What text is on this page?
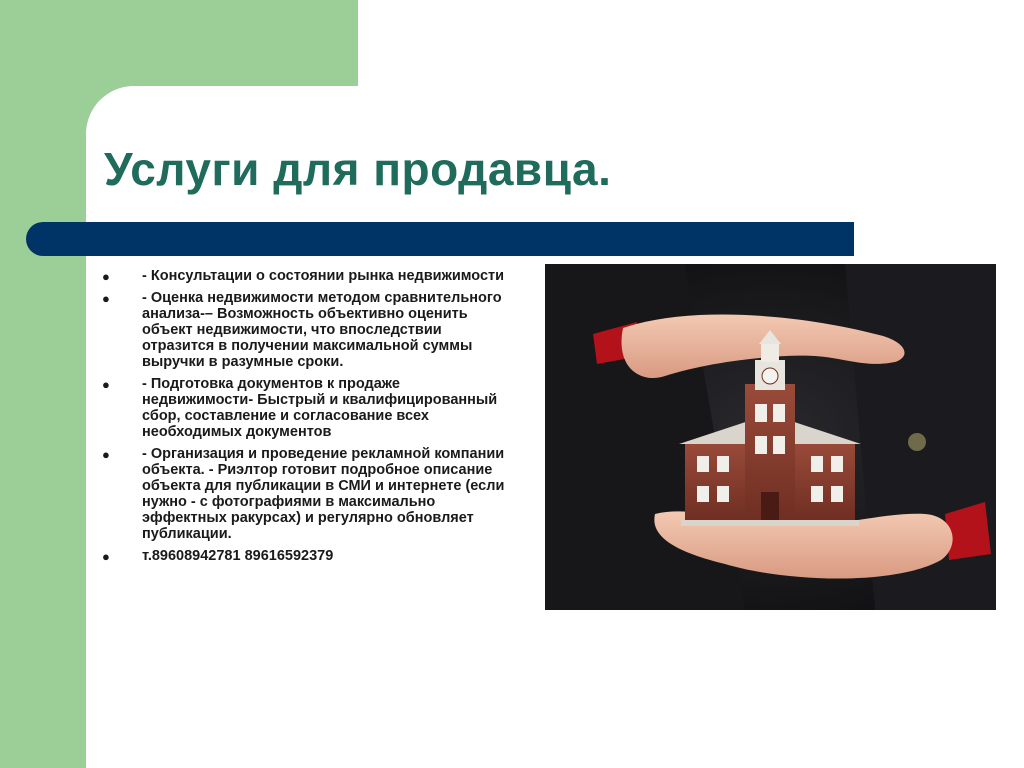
Услуги для продавца.
● - Консультации о состоянии рынка недвижимости
● - Оценка недвижимости методом сравнительного анализа-– Возможность объективно оценить объект недвижимости, что впоследствии отразится в получении максимальной суммы выручки в разумные сроки.
● - Подготовка документов к продаже недвижимости- Быстрый и квалифицированный сбор, составление и согласование всех необходимых документов
● - Организация и проведение рекламной компании объекта. - Риэлтор готовит подробное описание объекта для публикации в СМИ и интернете (если нужно - с фотографиями в максимально эффектных ракурсах) и регулярно обновляет публикации.
● т.89608942781 89616592379
